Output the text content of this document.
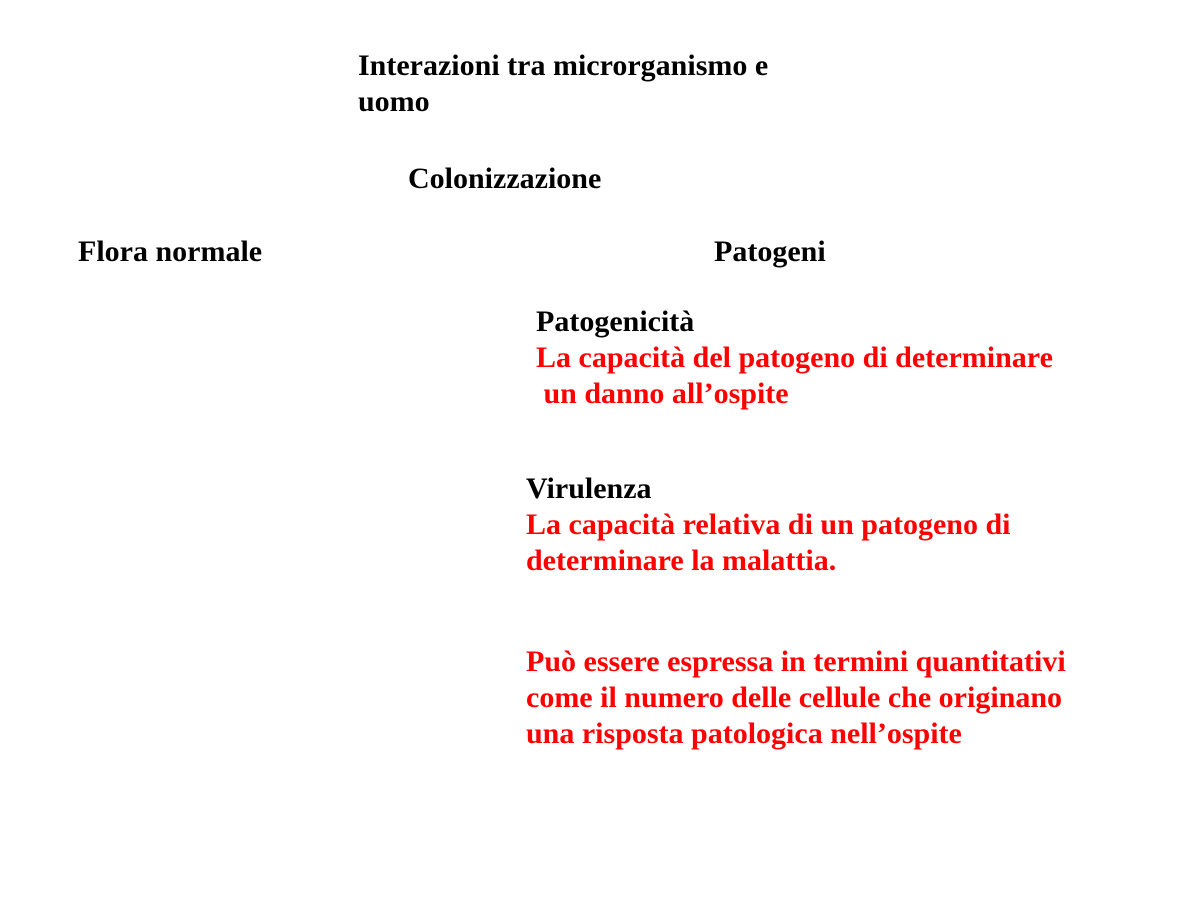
Interazioni tra microrganismo e
uomo

Colonizzazione

Flora normale	Patogeni

Patogenicità
La capacità del patogeno di determinare
un danno all’ospite
Virulenza
La capacità relativa di un patogeno di
determinare la malattia.
Può essere espressa in termini quantitativi
come il numero delle cellule che originano
una risposta patologica nell’ospite
